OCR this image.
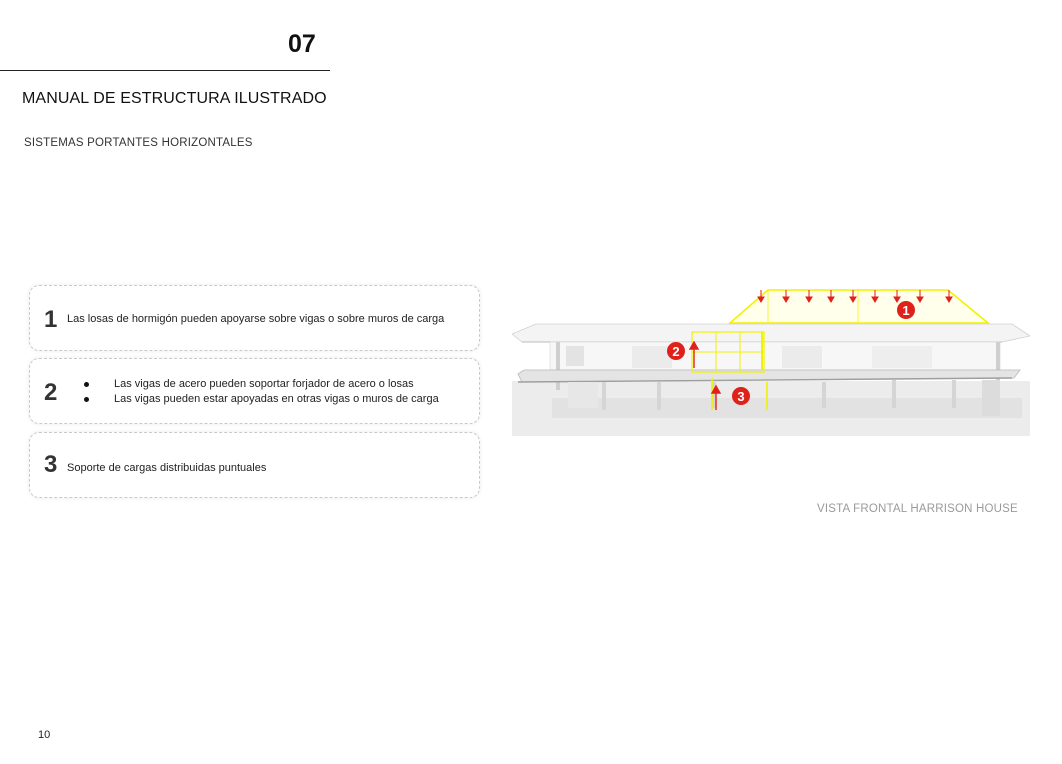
07
MANUAL DE ESTRUCTURA ILUSTRADO
SISTEMAS PORTANTES HORIZONTALES
1 Las losas de hormigón pueden apoyarse sobre vigas o sobre muros de carga
2	Las vigas de acero pueden soportar forjador de acero o losas
Las vigas pueden estar apoyadas en otras vigas o muros de carga
3 Soporte de cargas distribuidas puntuales
1
2
3
VISTA FRONTAL HARRISON HOUSE
10
